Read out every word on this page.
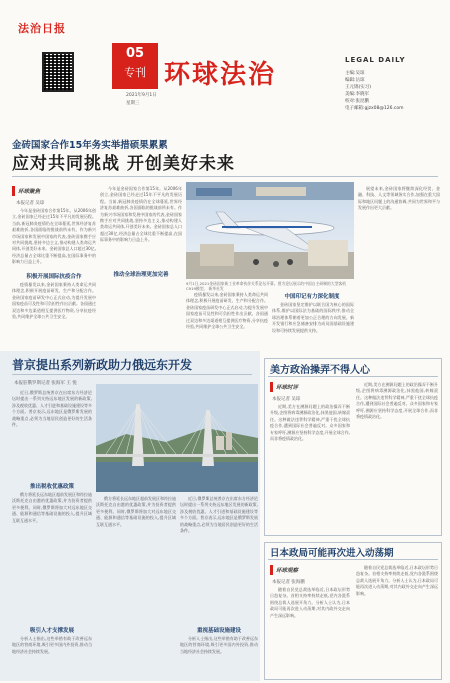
法治日报
05
专刊 环球法治	LEGAL DAILY
主编:吴琼
编辑:岳琼
王元锦(实习)
美编:李晓军
校对:张昆鹏
电子邮箱:gjzx08@126.com
2021年9月1日
星期三
金砖国家合作15年务实举措硕果累累
应对共同挑战 开创美好未来
环球聚焦
本报记者 吴琼
今年是金砖国家合作第15年。从2006年创立,金砖国家已经走过15年不平凡的发展历程。当前,新冠肺炎疫情仍在全球蔓延,世界经济复苏艰难曲折,各国面临的挑战前所未有。作为新兴市场国家和发展中国家的代表,金砖国家携手应对共同挑战,坚持多边主义,推动构建人类命运共同体,开创美好未来。金砖国家总人口超过30亿,经济总量占全球比重不断提高,在国际事务中的影响力日益上升。
积极开展国际抗疫合作
疫情暴发以来,金砖国家秉持人类命运共同体理念,积极开展疫苗研发、生产和分配合作。金砖国家疫苗研发中心正式启动,为提升发展中国家疫苗可及性和可负担性作出贡献。各国通过双边和多边渠道相互提供医疗物资,分享抗疫经验,共同维护全球公共卫生安全。
今年是金砖国家合作第15年。从2006年创立,金砖国家已经走过15年不平凡的发展历程。当前,新冠肺炎疫情仍在全球蔓延,世界经济复苏艰难曲折,各国面临的挑战前所未有。作为新兴市场国家和发展中国家的代表,金砖国家携手应对共同挑战,坚持多边主义,推动构建人类命运共同体,开创美好未来。金砖国家总人口超过30亿,经济总量占全球比重不断提高,在国际事务中的影响力日益上升。
9月1日,2021金砖国家新工业革命伙伴关系论坛开幕。图为论坛展示的中国自主研制的大型客机C919模型。 新华社发
疫情暴发以来,金砖国家秉持人类命运共同体理念,积极开展疫苗研发、生产和分配合作。金砖国家疫苗研发中心正式启动,为提升发展中国家疫苗可及性和可负担性作出贡献。各国通过双边和多边渠道相互提供医疗物资,分享抗疫经验,共同维护全球公共卫生安全。
中国印记有力深化制度
金砖国家坚定维护以联合国为核心的国际体系,维护以国际法为基础的国际秩序,推动全球治理体系朝着更加公正合理的方向发展。新开发银行和应急储备安排为成员国基础设施建设和可持续发展提供支持。
推动全球治理更加完善
展望未来,金砖国家将继续深化经贸、金融、科技、人文等领域务实合作,加强在重大国际和地区问题上的沟通协调,共同为世界和平与发展作出更大贡献。
普京提出系列新政助力俄远东开发
本报驻俄罗斯记者 张海军 王 悦
近日,俄罗斯总统普京在出席东方经济论坛时提出一系列支持远东地区发展的新政策,涉及税收优惠、人才引进和基础设施建设等多个方面。普京表示,远东地区是俄罗斯发展的战略重点,必须为当地居民创造更好的生活条件。
推出税收优惠政策
俄方将延长远东地区超前发展区和符拉迪沃斯托克自由港的优惠政策,并为投资者提供更多便利。同时,俄罗斯将加大对远东地区交通、能源和通信等基础设施的投入,提升区域互联互通水平。
吸引人才支撑发展
分析人士指出,这些举措有助于改善远东地区的营商环境,吸引更多国内外投资,推动当地经济社会持续发展。
俄方将延长远东地区超前发展区和符拉迪沃斯托克自由港的优惠政策,并为投资者提供更多便利。同时,俄罗斯将加大对远东地区交通、能源和通信等基础设施的投入,提升区域互联互通水平。
近日,俄罗斯总统普京在出席东方经济论坛时提出一系列支持远东地区发展的新政策,涉及税收优惠、人才引进和基础设施建设等多个方面。普京表示,远东地区是俄罗斯发展的战略重点,必须为当地居民创造更好的生活条件。
重视基础设施建设
分析人士指出,这些举措有助于改善远东地区的营商环境,吸引更多国内外投资,推动当地经济社会持续发展。
美方政治操弄不得人心
环球时评
本报记者 吴琼
近期,美方在溯源问题上的政治操弄不断升级,企图将病毒溯源政治化,抹黑他国,转嫁责任。这种做法违背科学精神,严重干扰全球抗疫合作,遭到国际社会普遍反对。众多国家和专家呼吁,溯源应坚持科学态度,开展全球合作,而非将疫情政治化。
近期,美方在溯源问题上的政治操弄不断升级,企图将病毒溯源政治化,抹黑他国,转嫁责任。这种做法违背科学精神,严重干扰全球抗疫合作,遭到国际社会普遍反对。众多国家和专家呼吁,溯源应坚持科学态度,开展全球合作,而非将疫情政治化。
日本政局可能再次进入动荡期
环球观察
本报记者 张海鹏
随着自民党总裁选举临近,日本政坛形势日趋复杂。首相支持率持续走低,党内各派系围绕总裁人选展开角力。分析人士认为,日本政局可能再次进入动荡期,对其内政外交走向产生深远影响。
随着自民党总裁选举临近,日本政坛形势日趋复杂。首相支持率持续走低,党内各派系围绕总裁人选展开角力。分析人士认为,日本政局可能再次进入动荡期,对其内政外交走向产生深远影响。
